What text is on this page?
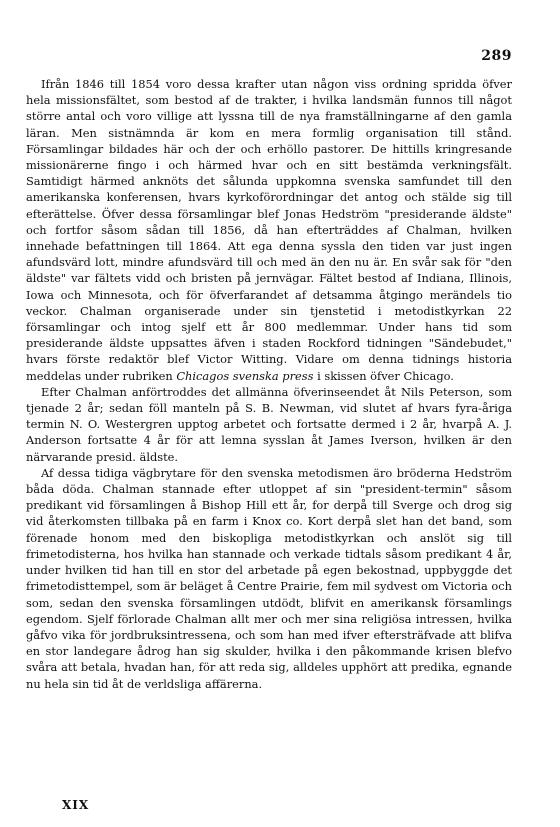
289

Ifrån 1846 till 1854 voro dessa krafter utan någon viss ordning spridda öfver hela missionsfältet, som bestod af de trakter, i hvilka landsmän funnos till något större antal och voro villige att lyssna till de nya framställningarne af den gamla läran. Men sistnämnda är kom en mera formlig organisation till stånd. Församlingar bildades här och der och erhöllo pastorer. De hittills kringresande missionärerne fingo i och härmed hvar och en sitt bestämda verkningsfält. Samtidigt härmed anknöts det sålunda uppkomna svenska samfundet till den amerikanska konferensen, hvars kyrkoförordningar det antog och stälde sig till efterättelse. Öfver dessa församlingar blef Jonas Hedström "presiderande äldste" och fortfor såsom sådan till 1856, då han efterträddes af Chalman, hvilken innehade befattningen till 1864. Att ega denna syssla den tiden var just ingen afundsvärd lott, mindre afundsvärd till och med än den nu är. En svår sak för "den äldste" var fältets vidd och bristen på jernvägar. Fältet bestod af Indiana, Illinois, Iowa och Minnesota, och för öfverfarandet af detsamma åtgingo merändels tio veckor. Chalman organiserade under sin tjenstetid i metodistkyrkan 22 församlingar och intog sjelf ett år 800 medlemmar. Under hans tid som presiderande äldste uppsattes äfven i staden Rockford tidningen "Sändebudet," hvars förste redaktör blef Victor Witting. Vidare om denna tidnings historia meddelas under rubriken Chicagos svenska press i skissen öfver Chicago.

Efter Chalman anförtroddes det allmänna öfverinseendet åt Nils Peterson, som tjenade 2 år; sedan föll manteln på S. B. Newman, vid slutet af hvars fyra-åriga termin N. O. Westergren upptog arbetet och fortsatte dermed i 2 år, hvarpå A. J. Anderson fortsatte 4 år för att lemna sysslan åt James Iverson, hvilken är den närvarande presid. äldste.

Af dessa tidiga vägbrytare för den svenska metodismen äro bröderna Hedström båda döda. Chalman stannade efter utloppet af sin "president-termin" såsom predikant vid församlingen å Bishop Hill ett år, for derpå till Sverge och drog sig vid återkomsten tillbaka på en farm i Knox co. Kort derpå slet han det band, som förenade honom med den biskopliga metodistkyrkan och anslöt sig till frimetodisterna, hos hvilka han stannade och verkade tidtals såsom predikant 4 år, under hvilken tid han till en stor del arbetade på egen bekostnad, uppbyggde det frimetodisttempel, som är beläget å Centre Prairie, fem mil sydvest om Victoria och som, sedan den svenska församlingen utdödt, blifvit en amerikansk församlings egendom. Sjelf förlorade Chalman allt mer och mer sina religiösa intressen, hvilka gåfvo vika för jordbruksintressena, och som han med ifver eftersträfvade att blifva en stor landegare ådrog han sig skulder, hvilka i den påkommande krisen blefvo svåra att betala, hvadan han, för att reda sig, alldeles upphört att predika, egnande nu hela sin tid åt de verldsliga affärerna.

XIX
